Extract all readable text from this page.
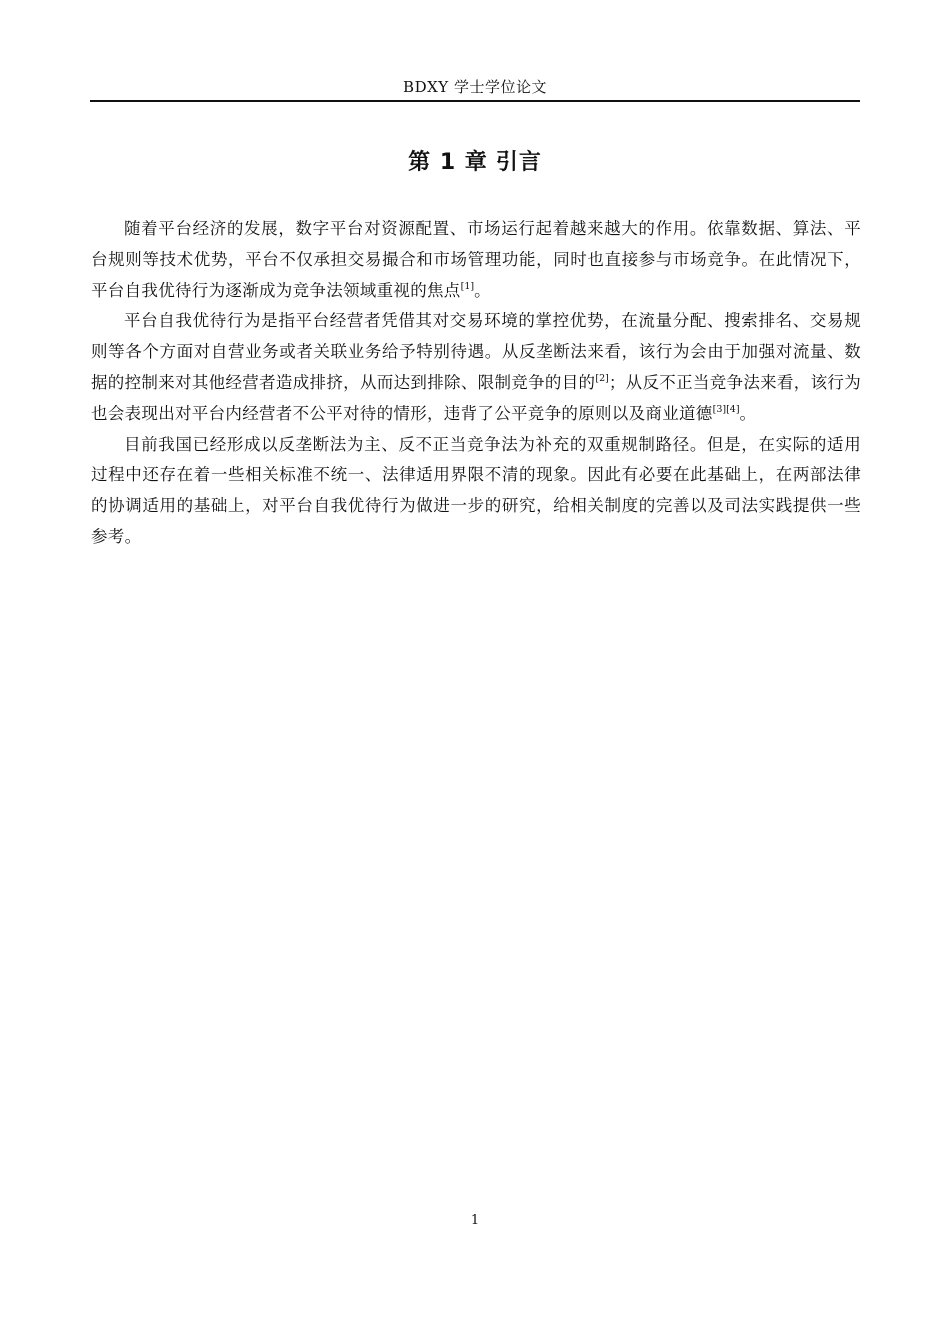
BDXY 学士学位论文
第 1 章 引言

随着平台经济的发展，数字平台对资源配置、市场运行起着越来越大的作用。依靠数据、算法、平台规则等技术优势，平台不仅承担交易撮合和市场管理功能，同时也直接参与市场竞争。在此情况下，平台自我优待行为逐渐成为竞争法领域重视的焦点[1]。

平台自我优待行为是指平台经营者凭借其对交易环境的掌控优势，在流量分配、搜索排名、交易规则等各个方面对自营业务或者关联业务给予特别待遇。从反垄断法来看，该行为会由于加强对流量、数据的控制来对其他经营者造成排挤，从而达到排除、限制竞争的目的[2]；从反不正当竞争法来看，该行为也会表现出对平台内经营者不公平对待的情形，违背了公平竞争的原则以及商业道德[3][4]。

目前我国已经形成以反垄断法为主、反不正当竞争法为补充的双重规制路径。但是，在实际的适用过程中还存在着一些相关标准不统一、法律适用界限不清的现象。因此有必要在此基础上，在两部法律的协调适用的基础上，对平台自我优待行为做进一步的研究，给相关制度的完善以及司法实践提供一些参考。

1
